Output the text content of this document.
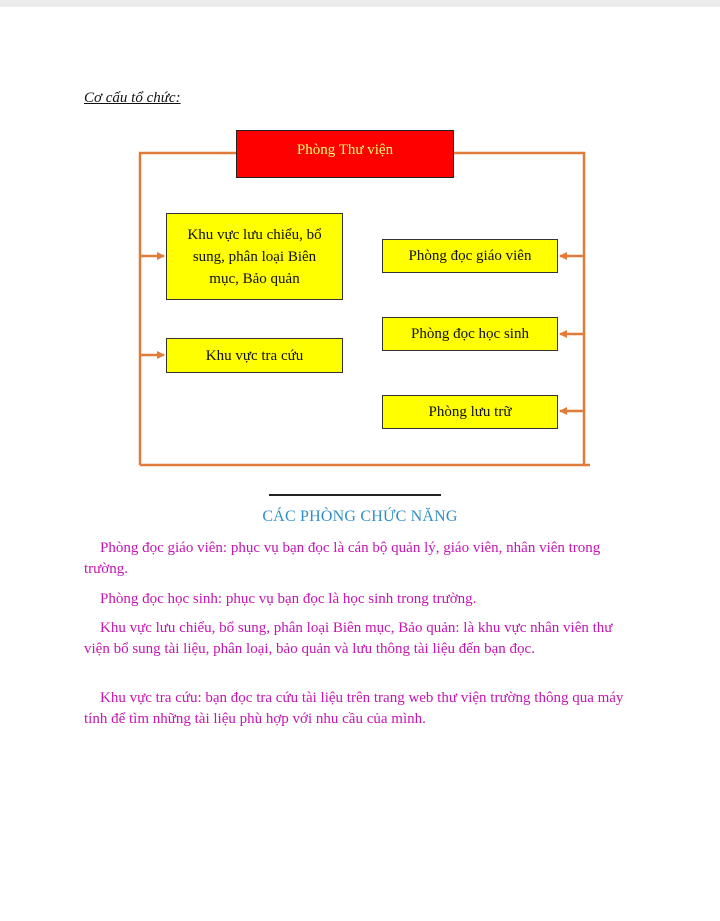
Cơ cấu tổ chức:
Phòng Thư viện
Khu vực lưu chiểu, bổ sung, phân loại Biên mục, Bảo quản
Khu vực tra cứu
Phòng đọc giáo viên
Phòng đọc học sinh
Phòng lưu trữ
CÁC PHÒNG CHỨC NĂNG

Phòng đọc giáo viên: phục vụ bạn đọc là cán bộ quản lý, giáo viên, nhân viên trong trường.

Phòng đọc học sinh: phục vụ bạn đọc là học sinh trong trường.

Khu vực lưu chiểu, bổ sung, phân loại Biên mục, Bảo quản: là khu vực nhân viên thư viện bổ sung tài liệu, phân loại, bảo quản và lưu thông tài liệu đến bạn đọc.

Khu vực tra cứu: bạn đọc tra cứu tài liệu trên trang web thư viện trường thông qua máy tính để tìm những tài liệu phù hợp với nhu cầu của mình.
